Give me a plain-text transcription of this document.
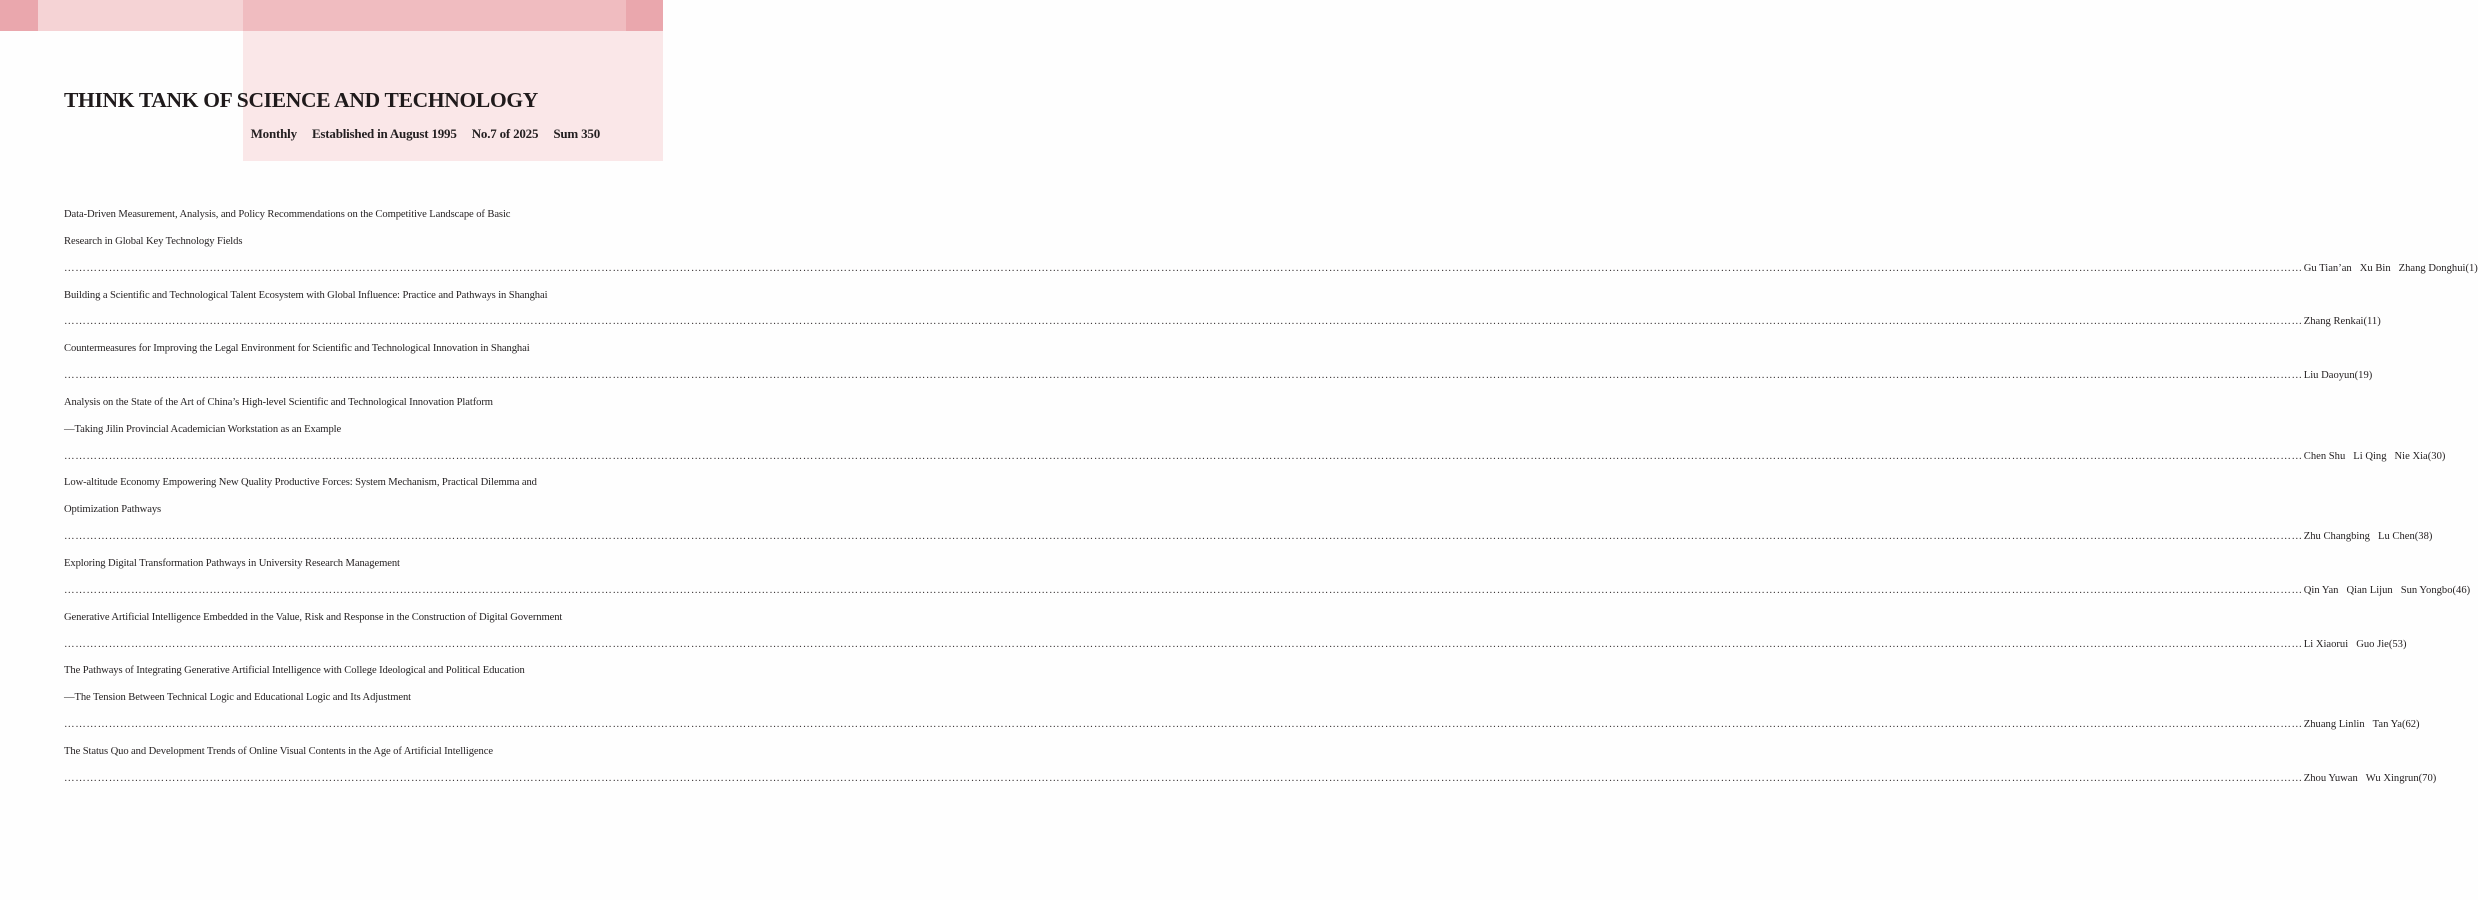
THINK TANK OF SCIENCE AND TECHNOLOGY
Monthly Established in August 1995 No.7 of 2025 Sum 350
Data-Driven Measurement, Analysis, and Policy Recommendations on the Competitive Landscape of Basic
Research in Global Key Technology Fields
…………………………………………………………………………………………………………………………………………………………………………………………………………………………………………………………………………………………………………………………………………………………………………………………………………………………………………………………………………………………………………………………………………………… Gu Tian’an Xu Bin Zhang Donghui(1)
Building a Scientific and Technological Talent Ecosystem with Global Influence: Practice and Pathways in Shanghai
…………………………………………………………………………………………………………………………………………………………………………………………………………………………………………………………………………………………………………………………………………………………………………………………………………………………………………………………………………………………………………………………………………………… Zhang Renkai(11)
Countermeasures for Improving the Legal Environment for Scientific and Technological Innovation in Shanghai
…………………………………………………………………………………………………………………………………………………………………………………………………………………………………………………………………………………………………………………………………………………………………………………………………………………………………………………………………………………………………………………………………………………… Liu Daoyun(19)
Analysis on the State of the Art of China’s High-level Scientific and Technological Innovation Platform
—Taking Jilin Provincial Academician Workstation as an Example
…………………………………………………………………………………………………………………………………………………………………………………………………………………………………………………………………………………………………………………………………………………………………………………………………………………………………………………………………………………………………………………………………………………… Chen Shu Li Qing Nie Xia(30)
Low-altitude Economy Empowering New Quality Productive Forces: System Mechanism, Practical Dilemma and
Optimization Pathways
…………………………………………………………………………………………………………………………………………………………………………………………………………………………………………………………………………………………………………………………………………………………………………………………………………………………………………………………………………………………………………………………………………………… Zhu Changbing Lu Chen(38)
Exploring Digital Transformation Pathways in University Research Management
…………………………………………………………………………………………………………………………………………………………………………………………………………………………………………………………………………………………………………………………………………………………………………………………………………………………………………………………………………………………………………………………………………………… Qin Yan Qian Lijun Sun Yongbo(46)
Generative Artificial Intelligence Embedded in the Value, Risk and Response in the Construction of Digital Government
…………………………………………………………………………………………………………………………………………………………………………………………………………………………………………………………………………………………………………………………………………………………………………………………………………………………………………………………………………………………………………………………………………………… Li Xiaorui Guo Jie(53)
The Pathways of Integrating Generative Artificial Intelligence with College Ideological and Political Education
—The Tension Between Technical Logic and Educational Logic and Its Adjustment
…………………………………………………………………………………………………………………………………………………………………………………………………………………………………………………………………………………………………………………………………………………………………………………………………………………………………………………………………………………………………………………………………………………… Zhuang Linlin Tan Ya(62)
The Status Quo and Development Trends of Online Visual Contents in the Age of Artificial Intelligence
…………………………………………………………………………………………………………………………………………………………………………………………………………………………………………………………………………………………………………………………………………………………………………………………………………………………………………………………………………………………………………………………………………………… Zhou Yuwan Wu Xingrun(70)
